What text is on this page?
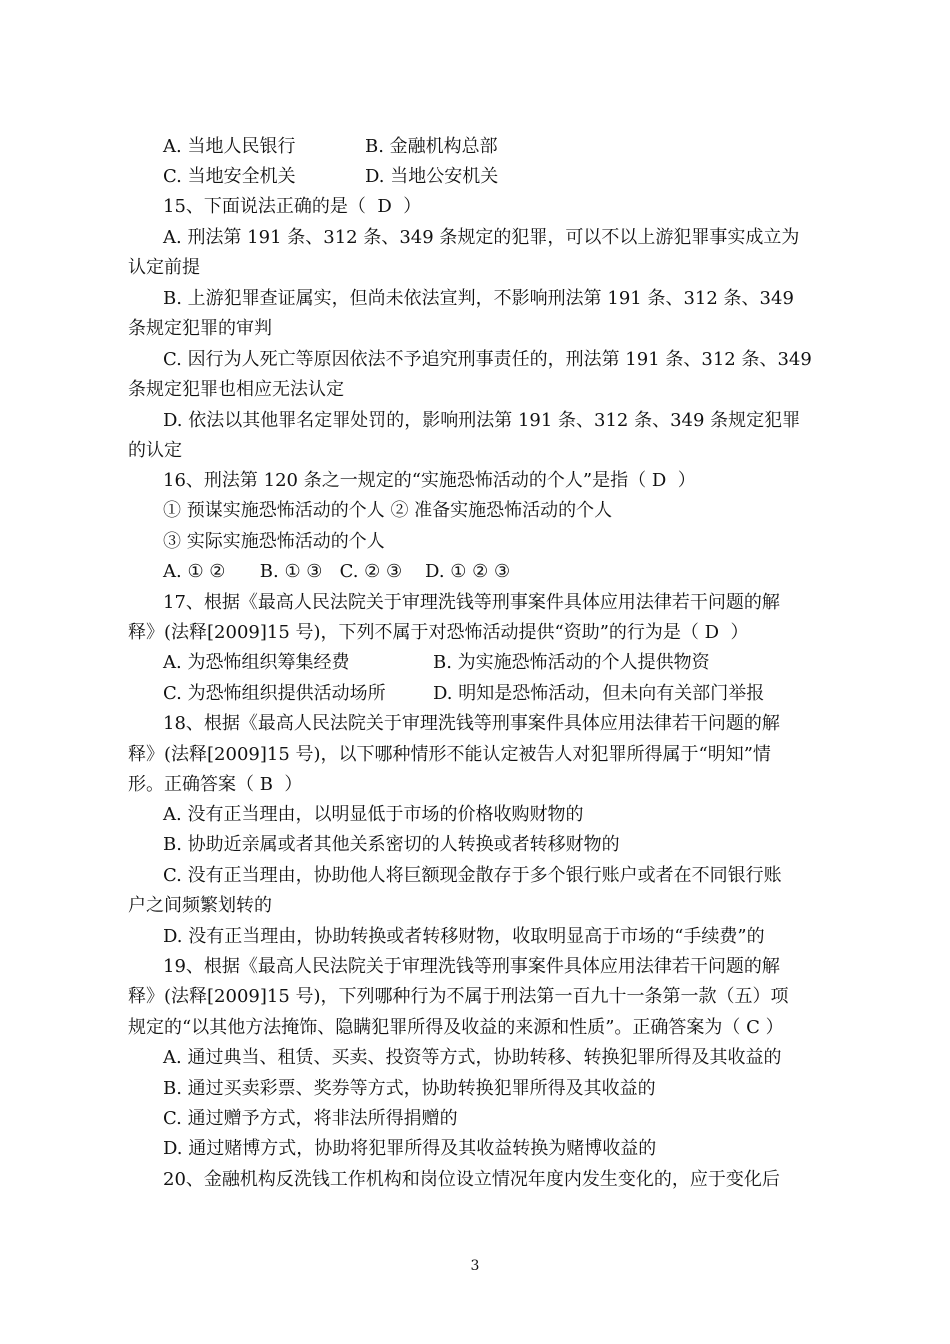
A. 当地人民银行	B. 金融机构总部
C. 当地安全机关	D. 当地公安机关
15、下面说法正确的是（  D  ）
A. 刑法第 191 条、312 条、349 条规定的犯罪，可以不以上游犯罪事实成立为
认定前提
B. 上游犯罪查证属实，但尚未依法宣判，不影响刑法第 191 条、312 条、349
条规定犯罪的审判
C. 因行为人死亡等原因依法不予追究刑事责任的，刑法第 191 条、312 条、349
条规定犯罪也相应无法认定
D. 依法以其他罪名定罪处罚的，影响刑法第 191 条、312 条、349 条规定犯罪
的认定
16、刑法第 120 条之一规定的“实施恐怖活动的个人”是指（ D  ）
① 预谋实施恐怖活动的个人 ② 准备实施恐怖活动的个人
③ 实际实施恐怖活动的个人
A. ① ②      B. ① ③   C. ② ③    D. ① ② ③
17、根据《最高人民法院关于审理洗钱等刑事案件具体应用法律若干问题的解
释》(法释[2009]15 号)，下列不属于对恐怖活动提供“资助”的行为是（ D  ）
A. 为恐怖组织筹集经费	B. 为实施恐怖活动的个人提供物资
C. 为恐怖组织提供活动场所	D. 明知是恐怖活动，但未向有关部门举报
18、根据《最高人民法院关于审理洗钱等刑事案件具体应用法律若干问题的解
释》(法释[2009]15 号)，以下哪种情形不能认定被告人对犯罪所得属于“明知”情
形。正确答案（ B  ）
A. 没有正当理由，以明显低于市场的价格收购财物的
B. 协助近亲属或者其他关系密切的人转换或者转移财物的
C. 没有正当理由，协助他人将巨额现金散存于多个银行账户或者在不同银行账
户之间频繁划转的
D. 没有正当理由，协助转换或者转移财物，收取明显高于市场的“手续费”的
19、根据《最高人民法院关于审理洗钱等刑事案件具体应用法律若干问题的解
释》(法释[2009]15 号)，下列哪种行为不属于刑法第一百九十一条第一款（五）项
规定的“以其他方法掩饰、隐瞒犯罪所得及收益的来源和性质”。正确答案为（ C ）
A. 通过典当、租赁、买卖、投资等方式，协助转移、转换犯罪所得及其收益的
B. 通过买卖彩票、奖券等方式，协助转换犯罪所得及其收益的
C. 通过赠予方式，将非法所得捐赠的
D. 通过赌博方式，协助将犯罪所得及其收益转换为赌博收益的
20、金融机构反洗钱工作机构和岗位设立情况年度内发生变化的，应于变化后
3
